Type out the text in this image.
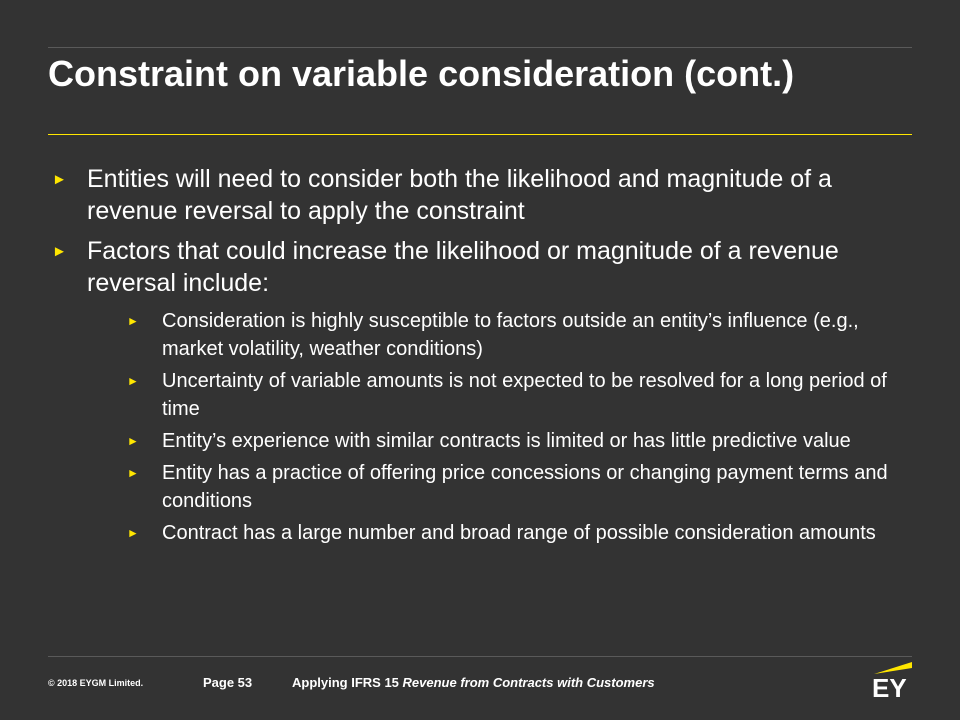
Constraint on variable consideration (cont.)
► Entities will need to consider both the likelihood and magnitude of a revenue reversal to apply the constraint
► Factors that could increase the likelihood or magnitude of a revenue reversal include:
► Consideration is highly susceptible to factors outside an entity’s influence (e.g., market volatility, weather conditions)
► Uncertainty of variable amounts is not expected to be resolved for a long period of time
► Entity’s experience with similar contracts is limited or has little predictive value
► Entity has a practice of offering price concessions or changing payment terms and conditions
► Contract has a large number and broad range of possible consideration amounts
© 2018 EYGM Limited.	Page 53	Applying IFRS 15 Revenue from Contracts with Customers	EY
